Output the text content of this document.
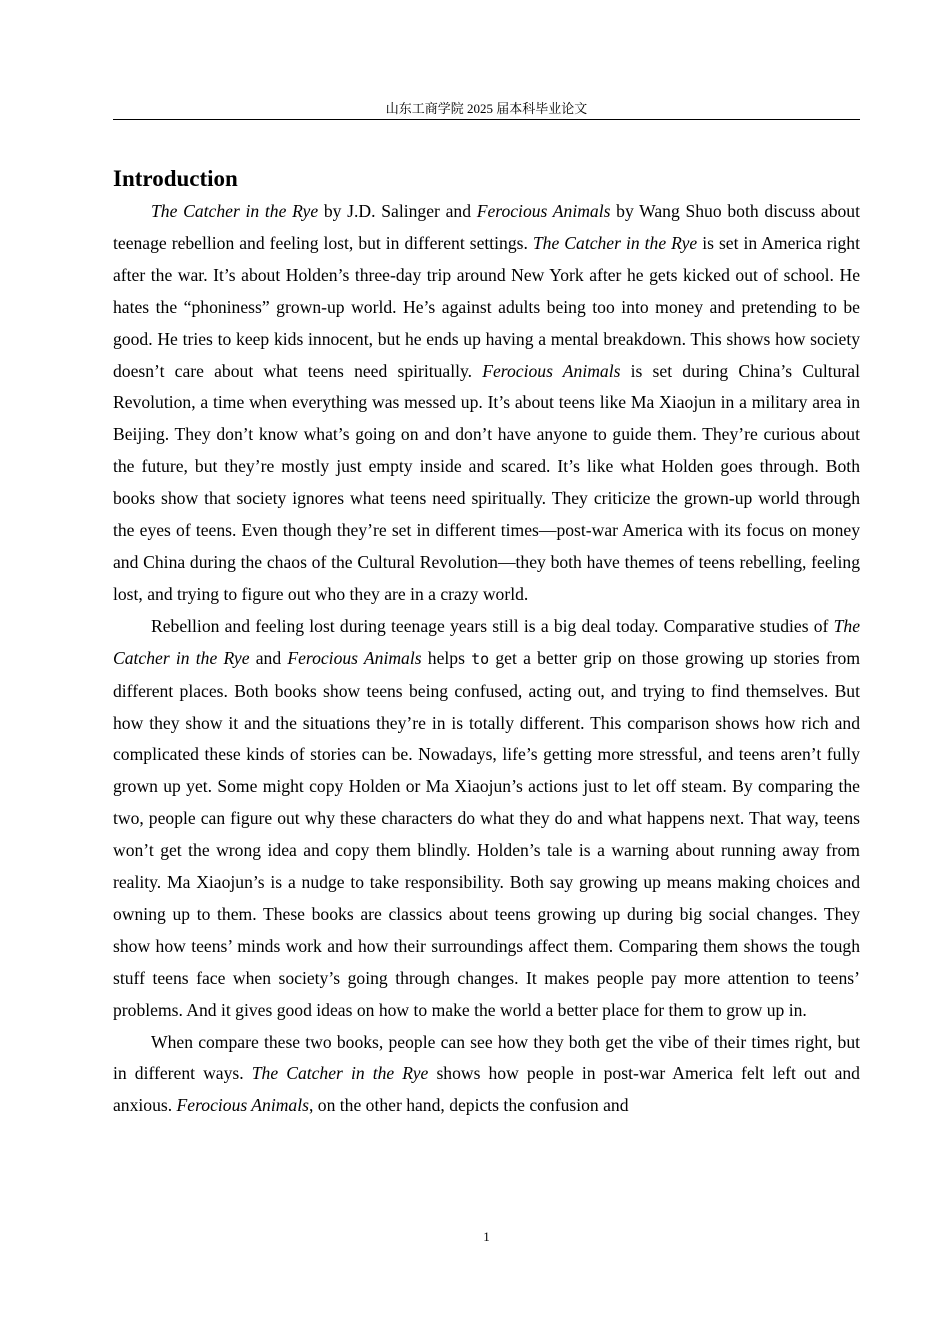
山东工商学院 2025 届本科毕业论文
Introduction

The Catcher in the Rye by J.D. Salinger and Ferocious Animals by Wang Shuo both discuss about teenage rebellion and feeling lost, but in different settings. The Catcher in the Rye is set in America right after the war. It’s about Holden’s three-day trip around New York after he gets kicked out of school. He hates the “phoniness” grown-up world. He’s against adults being too into money and pretending to be good. He tries to keep kids innocent, but he ends up having a mental breakdown. This shows how society doesn’t care about what teens need spiritually. Ferocious Animals is set during China’s Cultural Revolution, a time when everything was messed up. It’s about teens like Ma Xiaojun in a military area in Beijing. They don’t know what’s going on and don’t have anyone to guide them. They’re curious about the future, but they’re mostly just empty inside and scared. It’s like what Holden goes through. Both books show that society ignores what teens need spiritually. They criticize the grown-up world through the eyes of teens. Even though they’re set in different times—post-war America with its focus on money and China during the chaos of the Cultural Revolution—they both have themes of teens rebelling, feeling lost, and trying to figure out who they are in a crazy world.

Rebellion and feeling lost during teenage years still is a big deal today. Comparative studies of The Catcher in the Rye and Ferocious Animals helps to get a better grip on those growing up stories from different places. Both books show teens being confused, acting out, and trying to find themselves. But how they show it and the situations they’re in is totally different. This comparison shows how rich and complicated these kinds of stories can be. Nowadays, life’s getting more stressful, and teens aren’t fully grown up yet. Some might copy Holden or Ma Xiaojun’s actions just to let off steam. By comparing the two, people can figure out why these characters do what they do and what happens next. That way, teens won’t get the wrong idea and copy them blindly. Holden’s tale is a warning about running away from reality. Ma Xiaojun’s is a nudge to take responsibility. Both say growing up means making choices and owning up to them. These books are classics about teens growing up during big social changes. They show how teens’ minds work and how their surroundings affect them. Comparing them shows the tough stuff teens face when society’s going through changes. It makes people pay more attention to teens’ problems. And it gives good ideas on how to make the world a better place for them to grow up in.

When compare these two books, people can see how they both get the vibe of their times right, but in different ways. The Catcher in the Rye shows how people in post-war America felt left out and anxious. Ferocious Animals, on the other hand, depicts the confusion and

1
